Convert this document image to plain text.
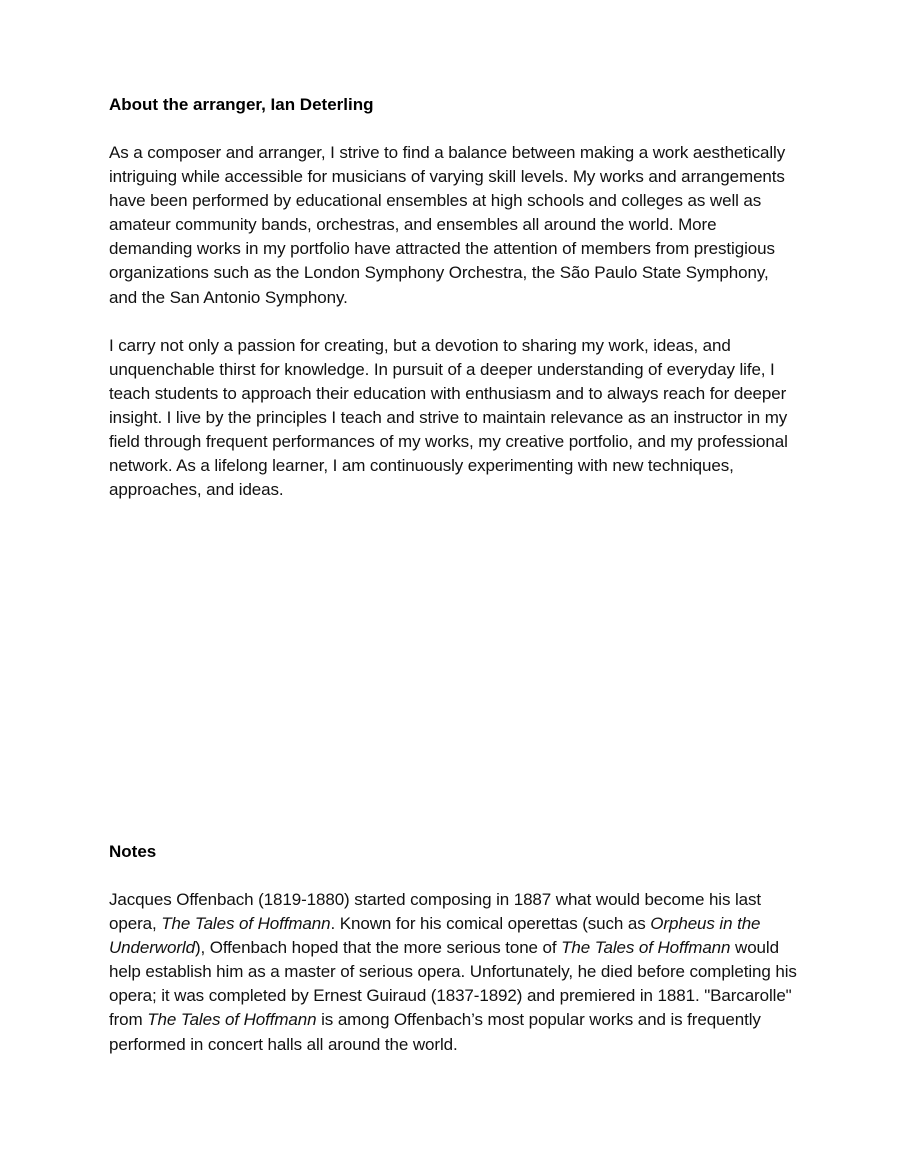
About the arranger, Ian Deterling

As a composer and arranger, I strive to find a balance between making a work aesthetically intriguing while accessible for musicians of varying skill levels. My works and arrangements have been performed by educational ensembles at high schools and colleges as well as amateur community bands, orchestras, and ensembles all around the world. More demanding works in my portfolio have attracted the attention of members from prestigious organizations such as the London Symphony Orchestra, the São Paulo State Symphony, and the San Antonio Symphony.

I carry not only a passion for creating, but a devotion to sharing my work, ideas, and unquenchable thirst for knowledge. In pursuit of a deeper understanding of everyday life, I teach students to approach their education with enthusiasm and to always reach for deeper insight. I live by the principles I teach and strive to maintain relevance as an instructor in my field through frequent performances of my works, my creative portfolio, and my professional network. As a lifelong learner, I am continuously experimenting with new techniques, approaches, and ideas.

Notes

Jacques Offenbach (1819-1880) started composing in 1887 what would become his last opera, The Tales of Hoffmann. Known for his comical operettas (such as Orpheus in the Underworld), Offenbach hoped that the more serious tone of The Tales of Hoffmann would help establish him as a master of serious opera. Unfortunately, he died before completing his opera; it was completed by Ernest Guiraud (1837-1892) and premiered in 1881. "Barcarolle" from The Tales of Hoffmann is among Offenbach’s most popular works and is frequently performed in concert halls all around the world.
